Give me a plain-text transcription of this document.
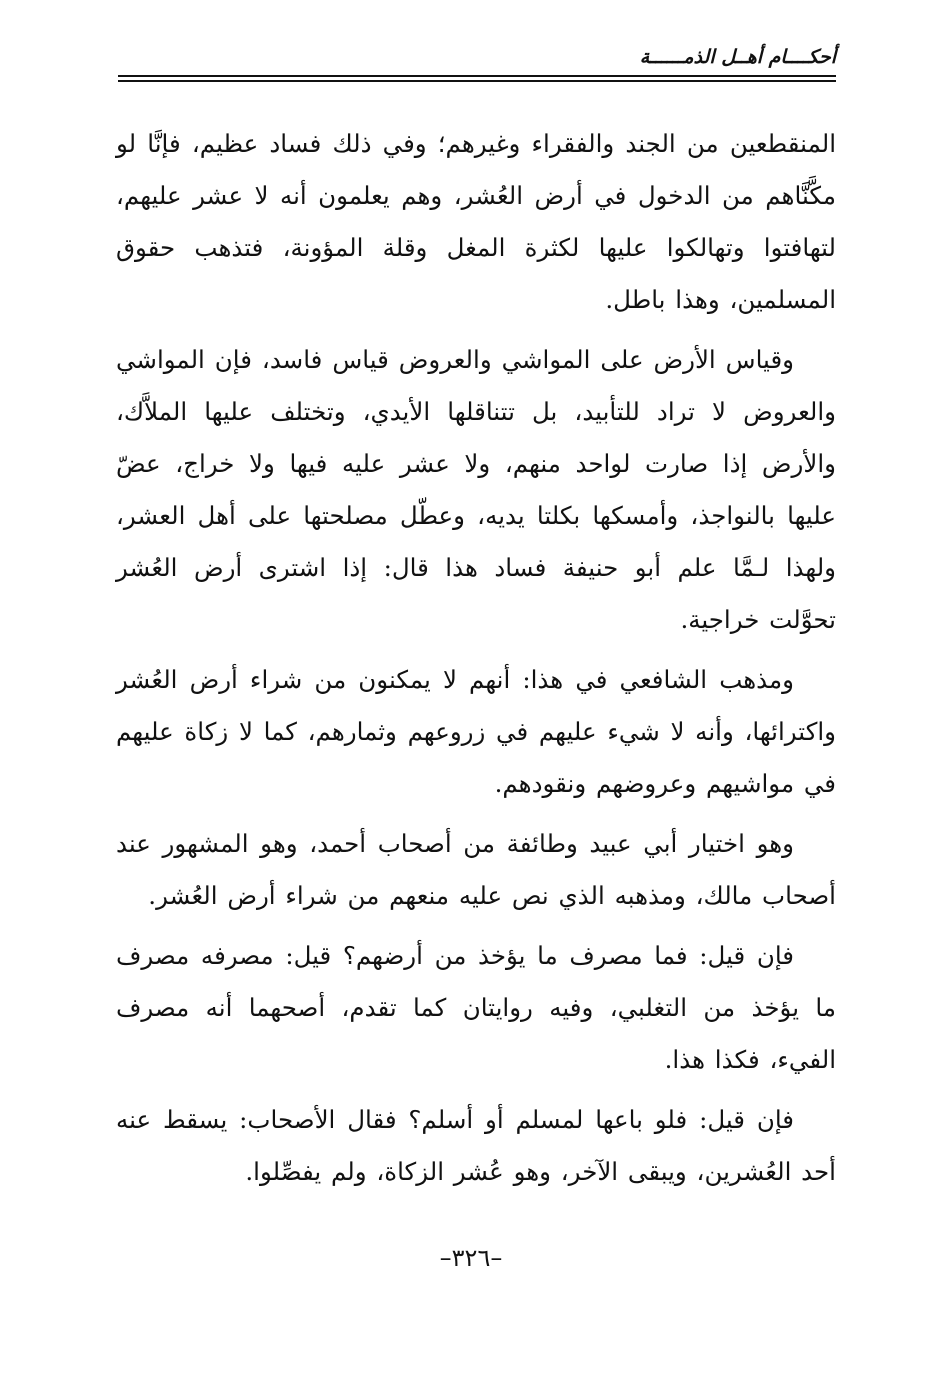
أحكــــام أهــل الذمــــــة

المنقطعين من الجند والفقراء وغيرهم؛ وفي ذلك فساد عظيم، فإنَّا لو مكَّنَّاهم من الدخول في أرض العُشر، وهم يعلمون أنه لا عشر عليهم، لتهافتوا وتهالكوا عليها لكثرة المغل وقلة المؤونة، فتذهب حقوق المسلمين، وهذا باطل.

وقياس الأرض على المواشي والعروض قياس فاسد، فإن المواشي والعروض لا تراد للتأبيد، بل تتناقلها الأيدي، وتختلف عليها الملاَّك، والأرض إذا صارت لواحد منهم، ولا عشر عليه فيها ولا خراج، عضّ عليها بالنواجذ، وأمسكها بكلتا يديه، وعطّل مصلحتها على أهل العشر، ولهذا لـمَّا علم أبو حنيفة فساد هذا قال: إذا اشترى أرض العُشر تحوَّلت خراجية.

ومذهب الشافعي في هذا: أنهم لا يمكنون من شراء أرض العُشر واكترائها، وأنه لا شيء عليهم في زروعهم وثمارهم، كما لا زكاة عليهم في مواشيهم وعروضهم ونقودهم.

وهو اختيار أبي عبيد وطائفة من أصحاب أحمد، وهو المشهور عند أصحاب مالك، ومذهبه الذي نص عليه منعهم من شراء أرض العُشر.

فإن قيل: فما مصرف ما يؤخذ من أرضهم؟ قيل: مصرفه مصرف ما يؤخذ من التغلبي، وفيه روايتان كما تقدم، أصحهما أنه مصرف الفيء، فكذا هذا.

فإن قيل: فلو باعها لمسلم أو أسلم؟ فقال الأصحاب: يسقط عنه أحد العُشرين، ويبقى الآخر، وهو عُشر الزكاة، ولم يفصِّلوا.

–٣٢٦–
